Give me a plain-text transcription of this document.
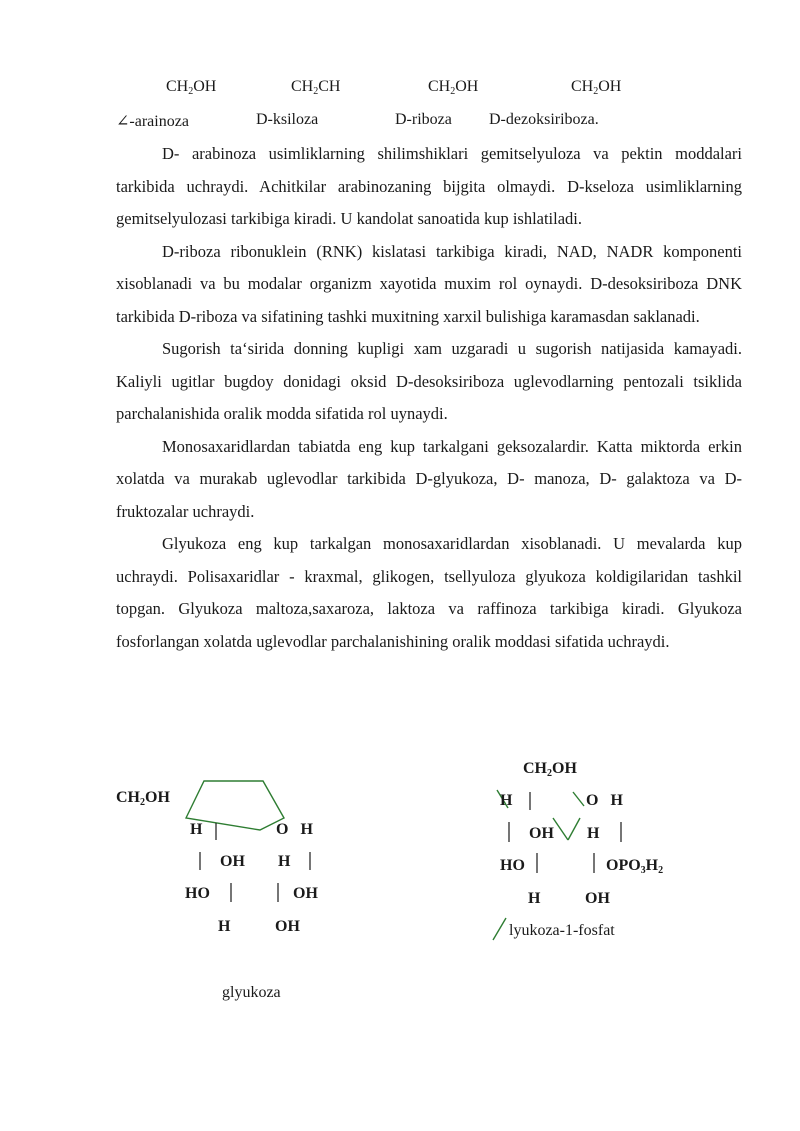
$CH_2OH$	$CH_2CH$	$CH_2OH$	$CH_2OH$
∠-arainoza	D-ksiloza	D-riboza D-dezoksiriboza.

D- arabinoza usimliklarning shilimshiklari gemitselyuloza va pektin moddalari tarkibida uchraydi. Achitkilar arabinozaning bijgita olmaydi. D-kseloza usimliklarning gemitselyulozasi tarkibiga kiradi. U kandolat sanoatida kup ishlatiladi.

D-riboza ribonuklein (RNK) kislatasi tarkibiga kiradi, NAD, NADR komponenti xisoblanadi va bu modalar organizm xayotida muxim rol oynaydi. D-desoksiriboza DNK tarkibida D-riboza va sifatining tashki muxitning xarxil bulishiga karamasdan saklanadi.

Sugorish ta‘sirida donning kupligi xam uzgaradi u sugorish natijasida kamayadi. Kaliyli ugitlar bugdoy donidagi oksid D-desoksiriboza uglevodlarning pentozali tsiklida parchalanishida oralik modda sifatida rol uynaydi.

Monosaxaridlardan tabiatda eng kup tarkalgani geksozalardir. Katta miktorda erkin xolatda va murakab uglevodlar tarkibida D-glyukoza, D- manoza, D- galaktoza va D-fruktozalar uchraydi.

Glyukoza eng kup tarkalgan monosaxaridlardan xisoblanadi. U mevalarda kup uchraydi. Polisaxaridlar - kraxmal, glikogen, tsellyuloza glyukoza koldigilaridan tashkil topgan. Glyukoza maltoza,saxaroza, laktoza va raffinoza tarkibiga kiradi. Glyukoza fosforlangan xolatda uglevodlar parchalanishining oralik moddasi sifatida uchraydi.

$CH_2OH$
H	O   H
OH H
HO	OH
H	OH
glyukoza
$CH_2OH$
H	O   H
OH H
HO	$OPO_3H_2$
H	OH
lyukoza-1-fosfat
